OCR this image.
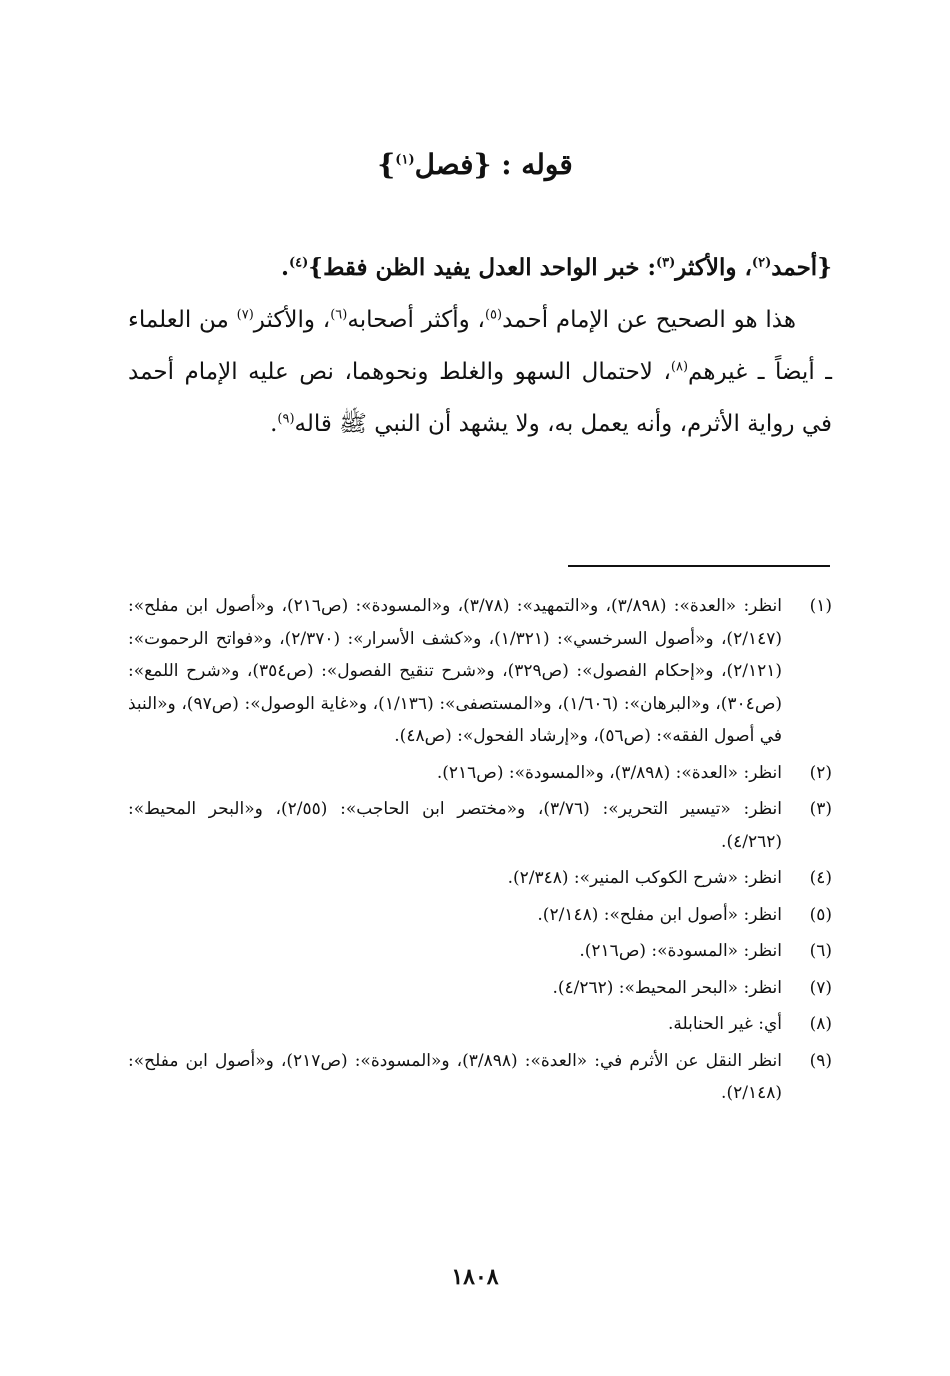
قوله : {فصل$^{(١)}$}

{أحمد$^{(٢)}$، والأكثر$^{(٣)}$: خبر الواحد العدل يفيد الظن فقط}$^{(٤)}$.

هذا هو الصحيح عن الإمام أحمد$^{(٥)}$، وأكثر أصحابه$^{(٦)}$، والأكثر$^{(٧)}$ من العلماء ـ أيضاً ـ غيرهم$^{(٨)}$، لاحتمال السهو والغلط ونحوهما، نص عليه الإمام أحمد في رواية الأثرم، وأنه يعمل به، ولا يشهد أن النبي ﷺ قاله$^{(٩)}$.

(١)
انظر: «العدة»: (٣/٨٩٨)، و«التمهيد»: (٣/٧٨)، و«المسودة»: (ص٢١٦)، و«أصول ابن مفلح»: (٢/١٤٧)، و«أصول السرخسي»: (١/٣٢١)، و«كشف الأسرار»: (٢/٣٧٠)، و«فواتح الرحموت»: (٢/١٢١)، و«إحكام الفصول»: (ص٣٢٩)، و«شرح تنقيح الفصول»: (ص٣٥٤)، و«شرح اللمع»: (ص٣٠٤)، و«البرهان»: (١/٦٠٦)، و«المستصفى»: (١/١٣٦)، و«غاية الوصول»: (ص٩٧)، و«النبذ في أصول الفقه»: (ص٥٦)، و«إرشاد الفحول»: (ص٤٨).
(٢)
انظر: «العدة»: (٣/٨٩٨)، و«المسودة»: (ص٢١٦).
(٣)
انظر: «تيسير التحرير»: (٣/٧٦)، و«مختصر ابن الحاجب»: (٢/٥٥)، و«البحر المحيط»: (٤/٢٦٢).
(٤)
انظر: «شرح الكوكب المنير»: (٢/٣٤٨).
(٥)
انظر: «أصول ابن مفلح»: (٢/١٤٨).
(٦)
انظر: «المسودة»: (ص٢١٦).
(٧)
انظر: «البحر المحيط»: (٤/٢٦٢).
(٨)
أي: غير الحنابلة.
(٩)
انظر النقل عن الأثرم في: «العدة»: (٣/٨٩٨)، و«المسودة»: (ص٢١٧)، و«أصول ابن مفلح»: (٢/١٤٨).
١٨٠٨
